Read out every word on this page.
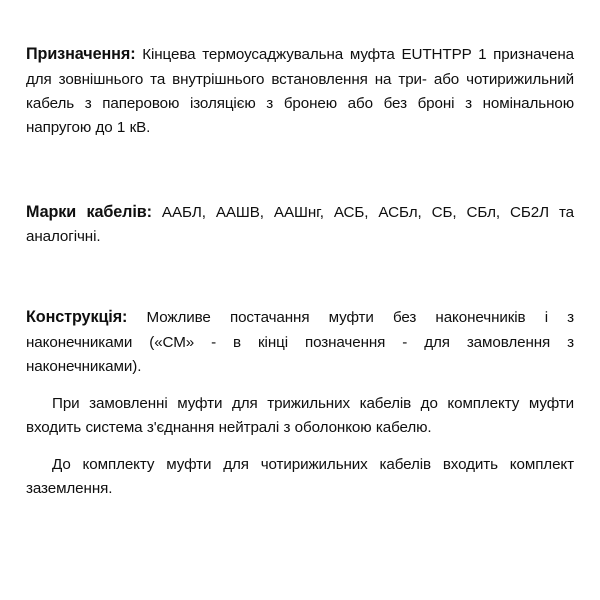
Призначення: Кінцева термоусаджувальна муфта EUTHTPP 1 призначена для зовнішнього та внутрішнього встановлення на три- або чотирижильний кабель з паперовою ізоляцією з бронею або без броні з номінальною напругою до 1 кВ.

Марки кабелів: ААБЛ, ААШВ, ААШнг, АСБ, АСБл, СБ, СБл, СБ2Л та аналогічні.

Конструкція: Можливе постачання муфти без наконечників і з наконечниками («СМ» - в кінці позначення - для замовлення з наконечниками).

При замовленні муфти для трижильних кабелів до комплекту муфти входить система з'єднання нейтралі з оболонкою кабелю.

До комплекту муфти для чотирижильних кабелів входить комплект заземлення.
